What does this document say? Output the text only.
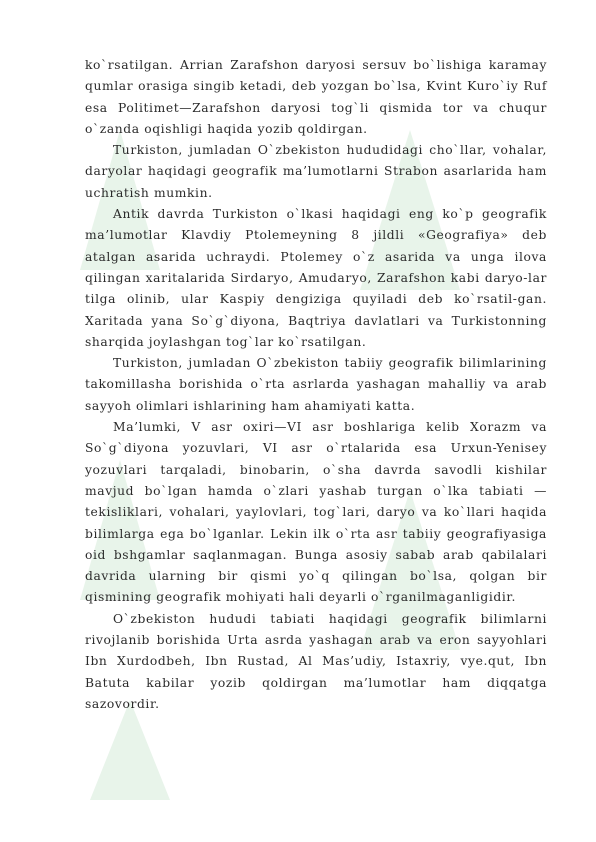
ko`rsatilgan. Arrian Zarafshon daryosi sersuv bo`lishiga karamay qumlar orasiga singib ketadi, deb yozgan bo`lsa, Kvint Kuro`iy Ruf esa Politimet—Zarafshon daryosi tog`li qismida tor va chuqur o`zanda oqishligi haqida yozib qoldirgan.

Turkiston, jumladan O`zbekiston hududidagi cho`llar, vohalar, daryolar haqidagi geografik ma’lumotlarni Strabon asarlarida ham uchratish mumkin.

Antik davrda Turkiston o`lkasi haqidagi eng ko`p geografik ma’lumotlar Klavdiy Ptolemeyning 8 jildli «Geografiya» deb atalgan asarida uchraydi. Ptolemey o`z asarida va unga ilova qilingan xaritalarida Sirdaryo, Amudaryo, Zarafshon kabi daryo-lar tilga olinib, ular Kaspiy dengiziga quyiladi deb ko`rsatil-gan. Xaritada yana So`g`diyona, Baqtriya davlatlari va Turkistonning sharqida joylashgan tog`lar ko`rsatilgan.

Turkiston, jumladan O`zbekiston tabiiy geografik bilimlarining takomillasha borishida o`rta asrlarda yashagan mahalliy va arab sayyoh olimlari ishlarining ham ahamiyati katta.

Ma’lumki, V asr oxiri—VI asr boshlariga kelib Xorazm va So`g`diyona yozuvlari, VI asr o`rtalarida esa Urxun-Yenisey yozuvlari tarqaladi, binobarin, o`sha davrda savodli kishilar mavjud bo`lgan hamda o`zlari yashab turgan o`lka tabiati — tekisliklari, vohalari, yaylovlari, tog`lari, daryo va ko`llari haqida bilimlarga ega bo`lganlar. Lekin ilk o`rta asr tabiiy geografiyasiga oid bshgamlar saqlanmagan. Bunga asosiy sabab arab qabilalari davrida ularning bir qismi yo`q qilingan bo`lsa, qolgan bir qismining geografik mohiyati hali deyarli o`rganilmaganligidir.

O`zbekiston hududi tabiati haqidagi geografik bilimlarni rivojlanib borishida Urta asrda yashagan arab va eron sayyohlari Ibn Xurdodbeh, Ibn Rustad, Al Mas’udiy, Istaxriy, vye.qut, Ibn Batuta kabilar yozib qoldirgan ma’lumotlar ham diqqatga sazovordir.
